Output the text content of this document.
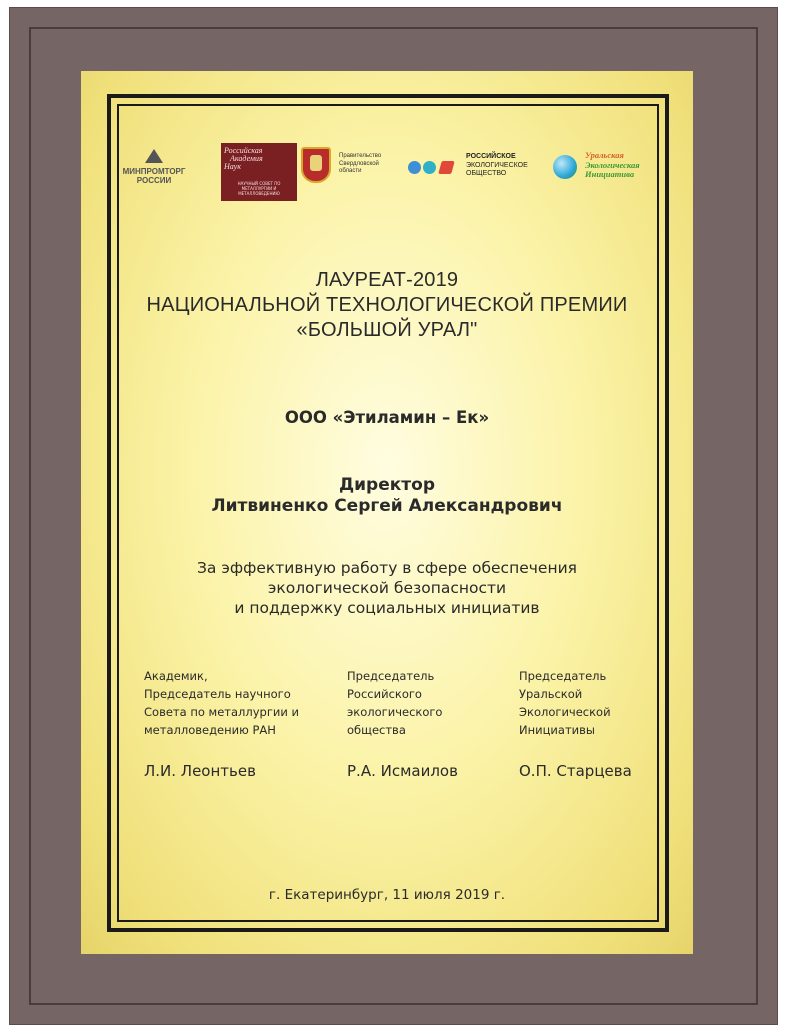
МИНПРОМТОРГ
РОССИИ
Российская
Академия
Наук
НАУЧНЫЙ СОВЕТ ПО МЕТАЛЛУРГИИ И МЕТАЛЛОВЕДЕНИЮ
Правительство
Свердловской
области
РОССИЙСКОЕ
ЭКОЛОГИЧЕСКОЕ
ОБЩЕСТВО
Уральская
Экологическая
Инициатива
ЛАУРЕАТ-2019
НАЦИОНАЛЬНОЙ ТЕХНОЛОГИЧЕСКОЙ ПРЕМИИ
«БОЛЬШОЙ УРАЛ"
ООО «Этиламин – Ек»
Директор
Литвиненко Сергей Александрович
За эффективную работу в сфере обеспечения
экологической безопасности
и поддержку социальных инициатив
Академик,
Председатель научного
Совета по металлургии и
металловедению РАН
Л.И. Леонтьев
Председатель
Российского
экологического
общества
Р.А. Исмаилов
Председатель
Уральской
Экологической
Инициативы
О.П. Старцева
г. Екатеринбург, 11 июля 2019 г.
